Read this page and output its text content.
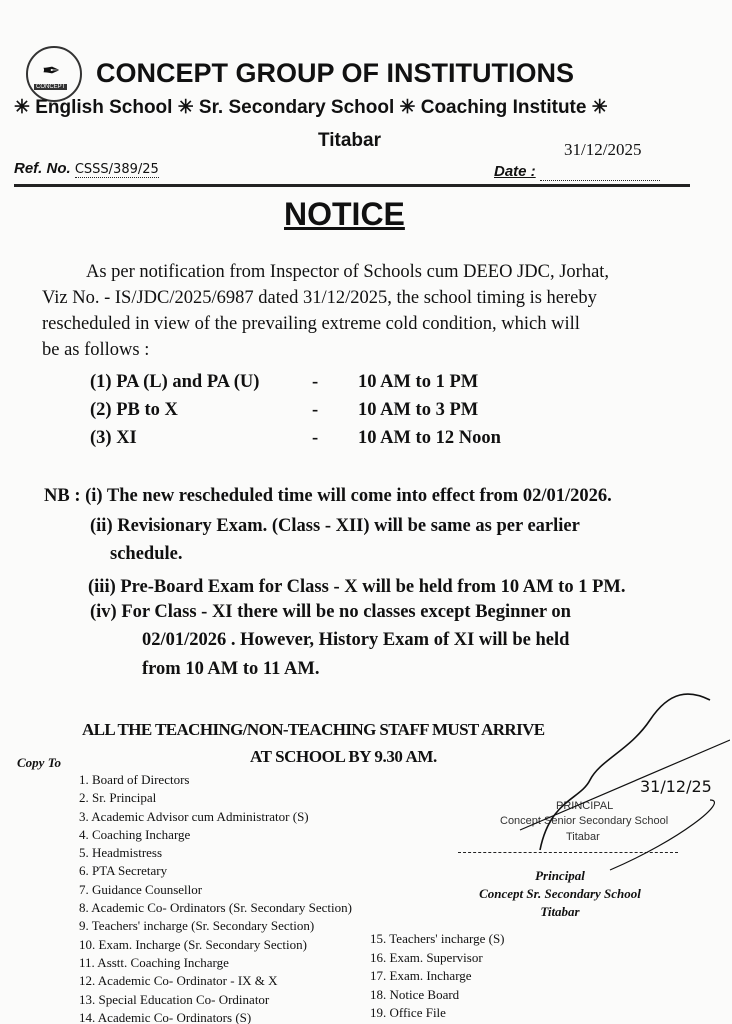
CONCEPT
✒ CONCEPT GROUP OF INSTITUTIONS
✳ English School ✳ Sr. Secondary School ✳ Coaching Institute ✳
Titabar
Ref. No. CSSS/389/25
31/12/2025
Date :
NOTICE
As per notification from Inspector of Schools cum DEEO JDC, Jorhat,
Viz No. - IS/JDC/2025/6987 dated 31/12/2025, the school timing is hereby
rescheduled in view of the prevailing extreme cold condition, which will
be as follows :
(1) PA (L) and PA (U)	- 10 AM to 1 PM
(2) PB to X	- 10 AM to 3 PM
(3) XI	- 10 AM to 12 Noon
NB : (i) The new rescheduled time will come into effect from 02/01/2026.
(ii) Revisionary Exam. (Class - XII) will be same as per earlier
schedule.
(iii) Pre-Board Exam for Class - X will be held from 10 AM to 1 PM.
(iv) For Class - XI there will be no classes except Beginner on
02/01/2026 . However, History Exam of XI will be held
from 10 AM to 11 AM.
ALL THE TEACHING/NON-TEACHING STAFF MUST ARRIVE
AT SCHOOL BY 9.30 AM.
Copy To
1. Board of Directors
2. Sr. Principal
3. Academic Advisor cum Administrator (S)
4. Coaching Incharge
5. Headmistress
6. PTA Secretary
7. Guidance Counsellor
8. Academic Co- Ordinators (Sr. Secondary Section)
9. Teachers' incharge (Sr. Secondary Section)
10. Exam. Incharge (Sr. Secondary Section)
11. Asstt. Coaching Incharge
12. Academic Co- Ordinator - IX & X
13. Special Education Co- Ordinator
14. Academic Co- Ordinators (S)
15. Teachers' incharge (S)
16. Exam. Supervisor
17. Exam. Incharge
18. Notice Board
19. Office File
31/12/25
PRINCIPAL
Concept Senior Secondary School
Titabar
Principal
Concept Sr. Secondary School
Titabar
